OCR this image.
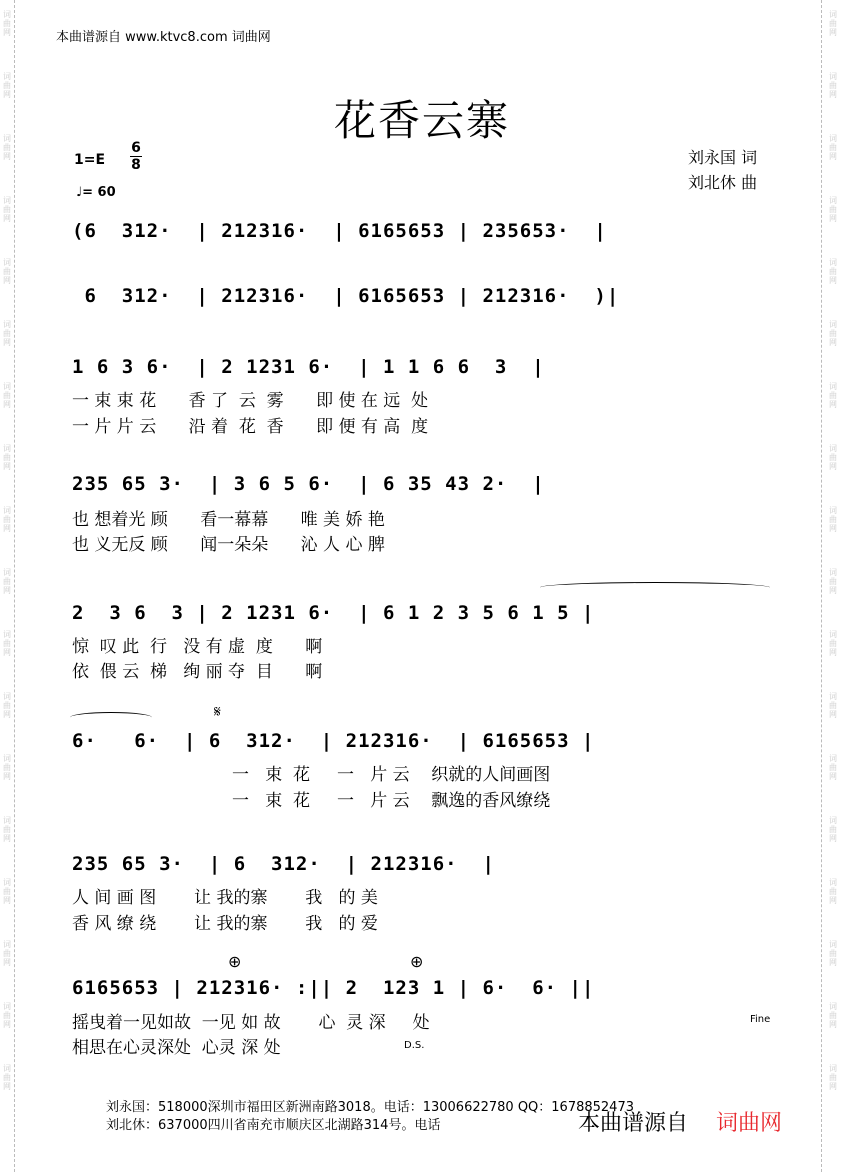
词
曲
网
词
曲
网
词
曲
网
词
曲
网
词
曲
网
词
曲
网
词
曲
网
词
曲
网
词
曲
网
词
曲
网
词
曲
网
词
曲
网
词
曲
网
词
曲
网
词
曲
网
词
曲
网
词
曲
网
词
曲
网
词
曲
网
词
曲
网
词
曲
网
词
曲
网
词
曲
网
词
曲
网
词
曲
网
词
曲
网
词
曲
网
词
曲
网
词
曲
网
词
曲
网
词
曲
网
词
曲
网
词
曲
网
词
曲
网
词
曲
网
词
曲
网
本曲谱源自 www.ktvc8.com 词曲网
花香云寨
1=E
6
8
♩= 60
刘永国 词
刘北休 曲
(6  312·  | 212316·  | 6165653 | 235653·  |
6  312·  | 212316·  | 6165653 | 212316·  )|
1 6 3 6·  | 2 1231 6·  | 1 1 6 6  3  |
一 束 束 花      香 了  云  雾      即 使 在 远  处
一 片 片 云      沿 着  花  香      即 便 有 高  度
235 65 3·  | 3 6 5 6·  | 6 35 43 2·  |
也 想着光 顾      看一幕幕      唯 美 娇 艳
也 义无反 顾      闻一朵朵      沁 人 心 脾
2  3 6  3 | 2 1231 6·  | 6 1 2 3 5 6 1 5 |
惊  叹 此  行   没 有 虚  度      啊
依  偎 云  梯   绚 丽 夺  目      啊
𝄋
6·   6·  | 6  312·  | 212316·  | 6165653 |
一   束  花     一   片 云    织就的人间画图
一   束  花     一   片 云    飘逸的香风缭绕
235 65 3·  | 6  312·  | 212316·  |
人 间 画 图       让 我的寨       我   的 美
香 风 缭 绕       让 我的寨       我   的 爱
⊕	⊕
6165653 | 212316· :|| 2  123 1 | 6·  6· ||
摇曳着一见如故  一见 如 故       心  灵 深     处
相思在心灵深处  心灵 深 处	D.S.
Fine
刘永国：518000深圳市福田区新洲南路3018。电话：13006622780 QQ：1678852473
刘北休：637000四川省南充市顺庆区北湖路314号。电话	本曲谱源自 词曲网
